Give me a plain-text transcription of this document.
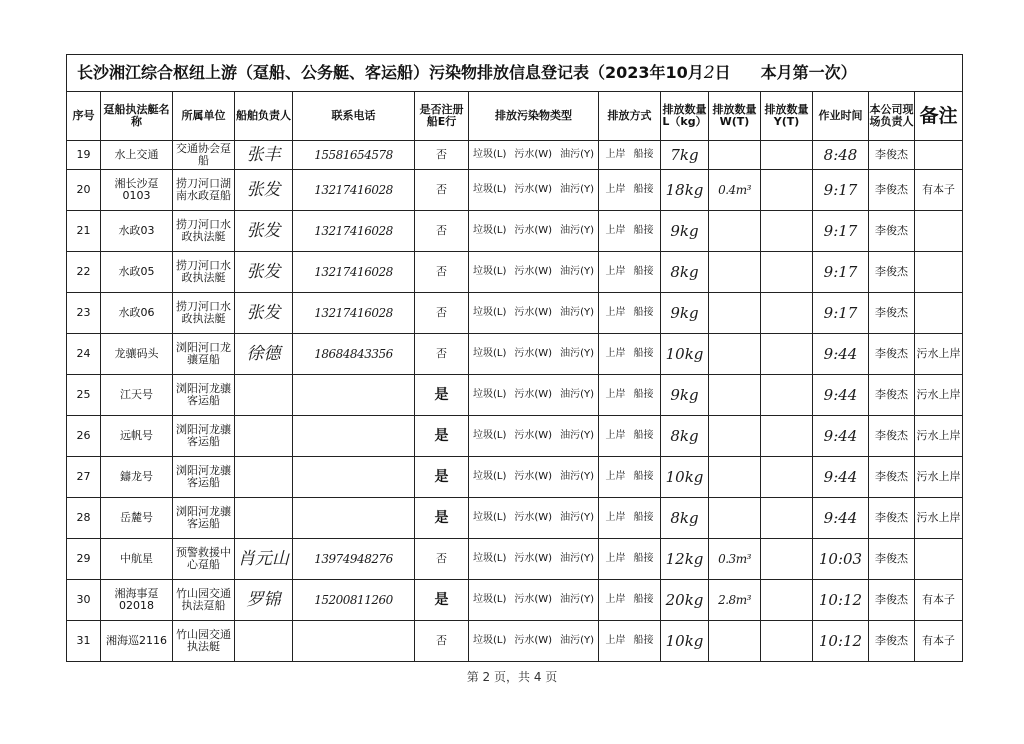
长沙湘江综合枢纽上游（趸船、公务艇、客运船）污染物排放信息登记表（2023年10月2日 本月第一次）													
序号	趸船执法艇名称	所属单位	船舶负责人	联系电话	是否注册船E行	排放污染物类型	排放方式	排放数量L（kg）	排放数量W(T)	排放数量Y(T)	作业时间	本公司现场负责人	备注
19	水上交通	交通协会趸船	张丰	15581654578	否	垃圾(L) 污水(W) 油污(Y)	上岸 船接	7kg			8:48	李俊杰	
20	湘长沙趸0103	捞刀河口湖南水政趸船	张发	13217416028	否	垃圾(L) 污水(W) 油污(Y)	上岸 船接	18kg	0.4m³		9:17	李俊杰	有本子
21	水政03	捞刀河口水政执法艇	张发	13217416028	否	垃圾(L) 污水(W) 油污(Y)	上岸 船接	9kg			9:17	李俊杰	
22	水政05	捞刀河口水政执法艇	张发	13217416028	否	垃圾(L) 污水(W) 油污(Y)	上岸 船接	8kg			9:17	李俊杰	
23	水政06	捞刀河口水政执法艇	张发	13217416028	否	垃圾(L) 污水(W) 油污(Y)	上岸 船接	9kg			9:17	李俊杰	
24	龙骧码头	浏阳河口龙骧趸船	徐德	18684843356	否	垃圾(L) 污水(W) 油污(Y)	上岸 船接	10kg			9:44	李俊杰	污水上岸
25	江天号	浏阳河龙骧客运船			是	垃圾(L) 污水(W) 油污(Y)	上岸 船接	9kg			9:44	李俊杰	污水上岸
26	远帆号	浏阳河龙骧客运船			是	垃圾(L) 污水(W) 油污(Y)	上岸 船接	8kg			9:44	李俊杰	污水上岸
27	鑄龙号	浏阳河龙骧客运船			是	垃圾(L) 污水(W) 油污(Y)	上岸 船接	10kg			9:44	李俊杰	污水上岸
28	岳麓号	浏阳河龙骧客运船			是	垃圾(L) 污水(W) 油污(Y)	上岸 船接	8kg			9:44	李俊杰	污水上岸
29	中航星	预警救援中心趸船	肖元山	13974948276	否	垃圾(L) 污水(W) 油污(Y)	上岸 船接	12kg	0.3m³		10:03	李俊杰	
30	湘海事趸02018	竹山园交通执法趸船	罗锦	15200811260	是	垃圾(L) 污水(W) 油污(Y)	上岸 船接	20kg	2.8m³		10:12	李俊杰	有本子
31	湘海巡2116	竹山园交通执法艇			否	垃圾(L) 污水(W) 油污(Y)	上岸 船接	10kg			10:12	李俊杰	有本子
第 2 页，共 4 页
